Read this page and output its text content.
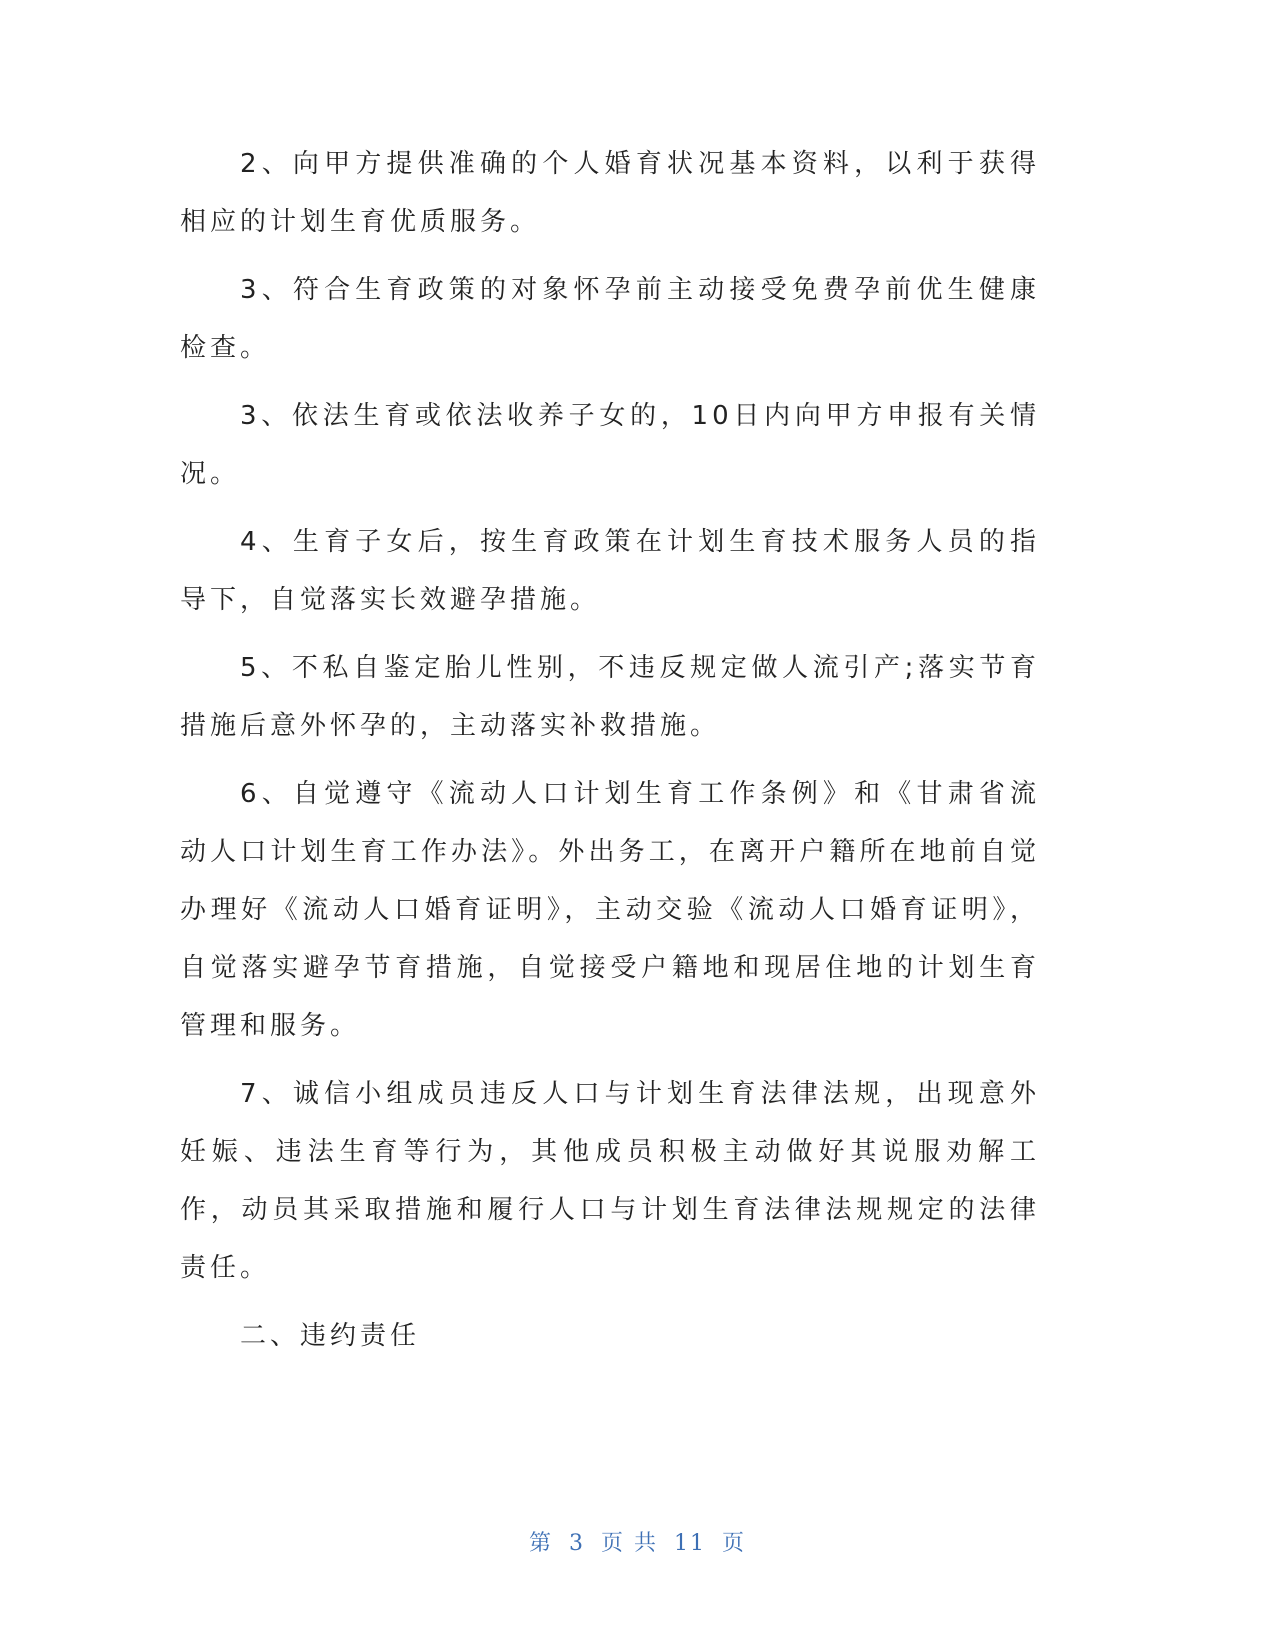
2、向甲方提供准确的个人婚育状况基本资料，以利于获得相应的计划生育优质服务。

3、符合生育政策的对象怀孕前主动接受免费孕前优生健康检查。

3、依法生育或依法收养子女的，10日内向甲方申报有关情况。

4、生育子女后，按生育政策在计划生育技术服务人员的指导下，自觉落实长效避孕措施。

5、不私自鉴定胎儿性别，不违反规定做人流引产;落实节育措施后意外怀孕的，主动落实补救措施。

6、自觉遵守《流动人口计划生育工作条例》和《甘肃省流动人口计划生育工作办法》。外出务工，在离开户籍所在地前自觉办理好《流动人口婚育证明》，主动交验《流动人口婚育证明》，自觉落实避孕节育措施，自觉接受户籍地和现居住地的计划生育管理和服务。

7、诚信小组成员违反人口与计划生育法律法规，出现意外妊娠、违法生育等行为，其他成员积极主动做好其说服劝解工作，动员其采取措施和履行人口与计划生育法律法规规定的法律责任。

二、违约责任

第 3 页 共 11 页
